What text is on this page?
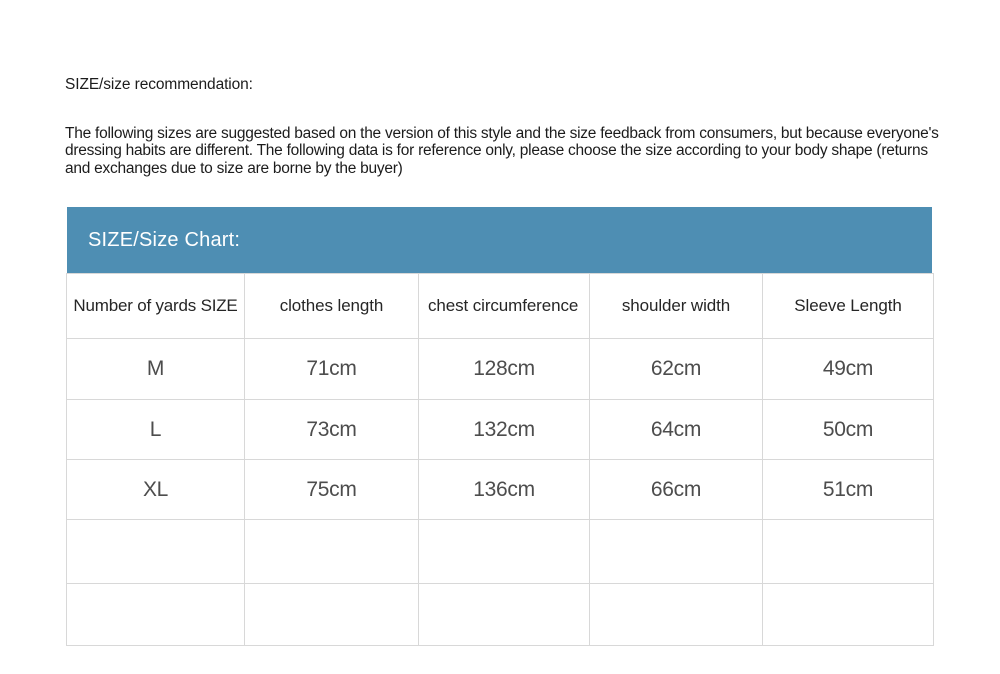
SIZE/size recommendation:
The following sizes are suggested based on the version of this style and the size feedback from consumers, but because everyone's dressing habits are different. The following data is for reference only, please choose the size according to your body shape (returns and exchanges due to size are borne by the buyer)
SIZE/Size Chart:
Number of yards SIZE	clothes length	chest circumference	shoulder width	Sleeve Length
M	71cm	128cm	62cm	49cm
L	73cm	132cm	64cm	50cm
XL	75cm	136cm	66cm	51cm
